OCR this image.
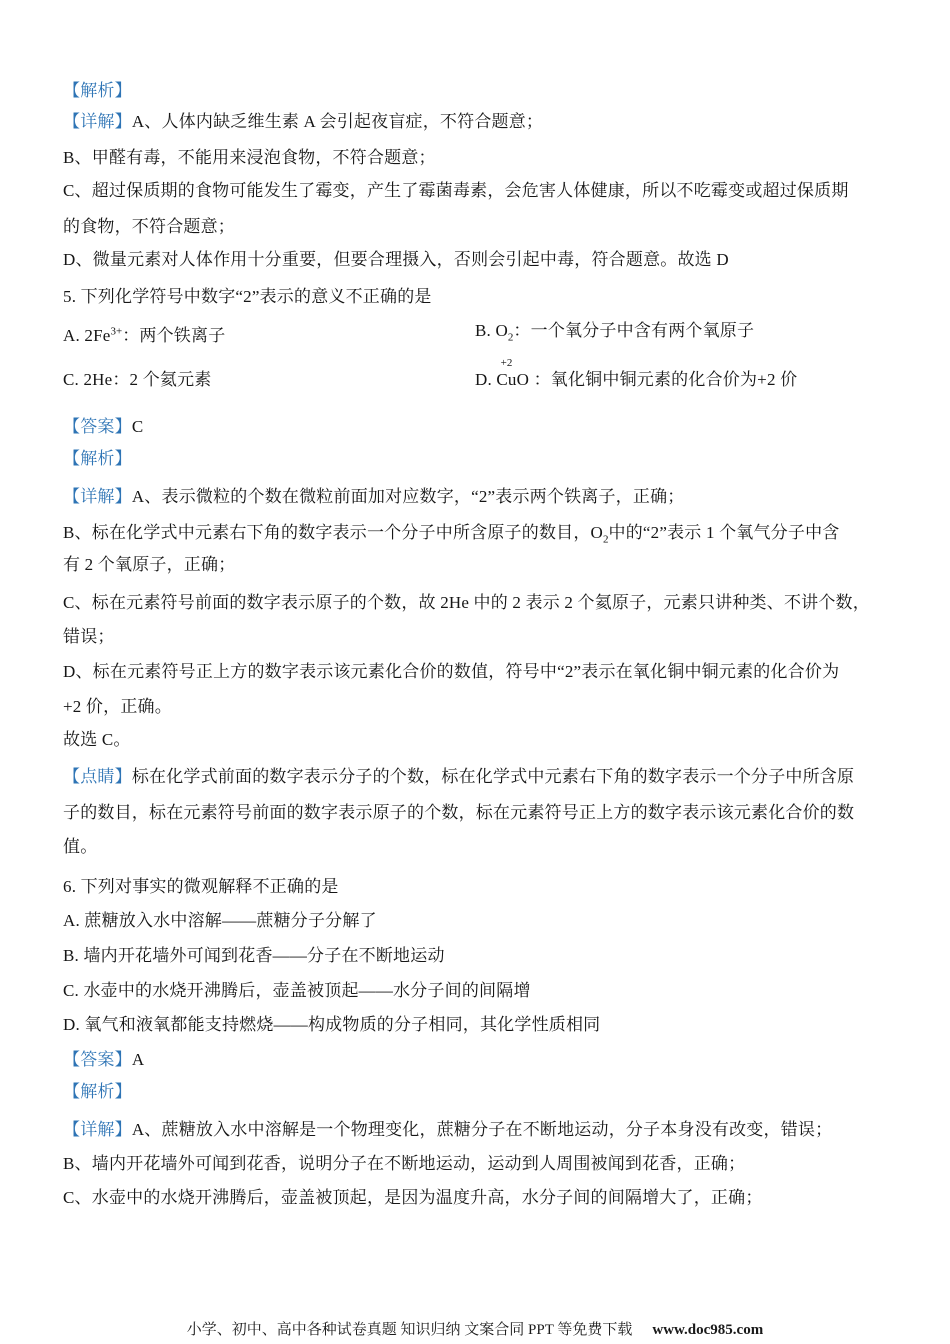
【解析】
【详解】A、人体内缺乏维生素 A 会引起夜盲症，不符合题意；
B、甲醛有毒，不能用来浸泡食物，不符合题意；
C、超过保质期的食物可能发生了霉变，产生了霉菌毒素，会危害人体健康，所以不吃霉变或超过保质期
的食物，不符合题意；
D、微量元素对人体作用十分重要，但要合理摄入，否则会引起中毒，符合题意。故选 D
5. 下列化学符号中数字“2”表示的意义不正确的是
A. $2Fe^{3+}$：两个铁离子	B. $O_2$：一个氧分子中含有两个氧原子
C. 2He：2 个氦元素	D.
+2
CuO ：氧化铜中铜元素的化合价为+2 价
【答案】C
【解析】
【详解】A、表示微粒的个数在微粒前面加对应数字，“2”表示两个铁离子，正确；
B、标在化学式中元素右下角的数字表示一个分子中所含原子的数目，$O_2$中的“2”表示 1 个氧气分子中含
有 2 个氧原子，正确；
C、标在元素符号前面的数字表示原子的个数，故 2He 中的 2 表示 2 个氦原子，元素只讲种类、不讲个数，
错误；
D、标在元素符号正上方的数字表示该元素化合价的数值，符号中“2”表示在氧化铜中铜元素的化合价为
+2 价，正确。
故选 C。
【点睛】标在化学式前面的数字表示分子的个数，标在化学式中元素右下角的数字表示一个分子中所含原
子的数目，标在元素符号前面的数字表示原子的个数，标在元素符号正上方的数字表示该元素化合价的数
值。
6. 下列对事实的微观解释不正确的是
A. 蔗糖放入水中溶解——蔗糖分子分解了
B. 墙内开花墙外可闻到花香——分子在不断地运动
C. 水壶中的水烧开沸腾后，壶盖被顶起——水分子间的间隔增
D. 氧气和液氧都能支持燃烧——构成物质的分子相同，其化学性质相同
【答案】A
【解析】
【详解】A、蔗糖放入水中溶解是一个物理变化，蔗糖分子在不断地运动，分子本身没有改变，错误；
B、墙内开花墙外可闻到花香，说明分子在不断地运动，运动到人周围被闻到花香，正确；
C、水壶中的水烧开沸腾后，壶盖被顶起，是因为温度升高，水分子间的间隔增大了，正确；
小学、初中、高中各种试卷真题 知识归纳 文案合同 PPT 等免费下载 www.doc985.com
